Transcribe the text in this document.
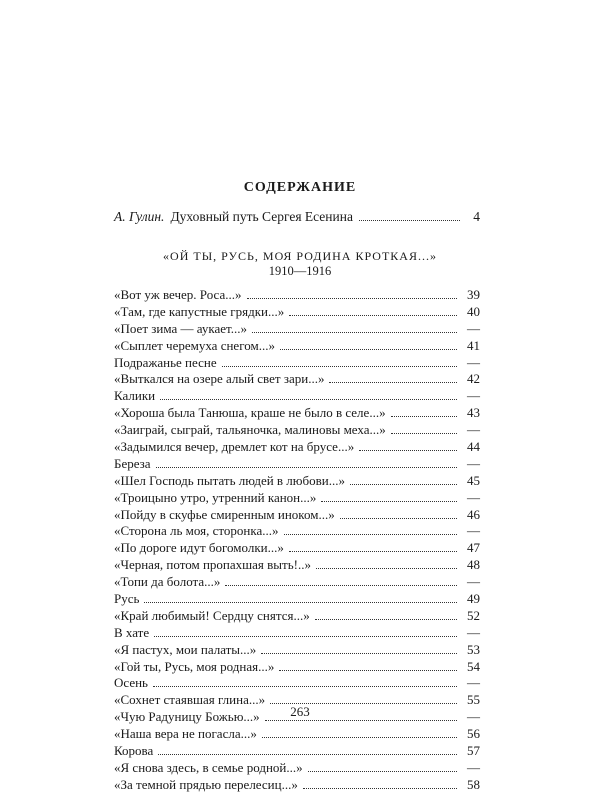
СОДЕРЖАНИЕ
А. Гулин. Духовный путь Сергея Есенина	4
«ОЙ ТЫ, РУСЬ, МОЯ РОДИНА КРОТКАЯ...»
1910—1916
«Вот уж вечер. Роса...»	39
«Там, где капустные грядки...»	40
«Поет зима — аукает...»	—
«Сыплет черемуха снегом...»	41
Подражанье песне	—
«Выткался на озере алый свет зари...»	42
Калики	—
«Хороша была Танюша, краше не было в селе...»	43
«Заиграй, сыграй, тальяночка, малиновы меха...»	—
«Задымился вечер, дремлет кот на брусе...»	44
Береза	—
«Шел Господь пытать людей в любови...»	45
«Троицыно утро, утренний канон...»	—
«Пойду в скуфье смиренным иноком...»	46
«Сторона ль моя, сторонка...»	—
«По дороге идут богомолки...»	47
«Черная, потом пропахшая выть!..»	48
«Топи да болота...»	—
Русь	49
«Край любимый! Сердцу снятся...»	52
В хате	—
«Я пастух, мои палаты...»	53
«Гой ты, Русь, моя родная...»	54
Осень	—
«Сохнет стаявшая глина...»	55
«Чую Радуницу Божью...»	—
«Наша вера не погасла...»	56
Корова	57
«Я снова здесь, в семье родной...»	—
«За темной прядью перелесиц...»	58
263
